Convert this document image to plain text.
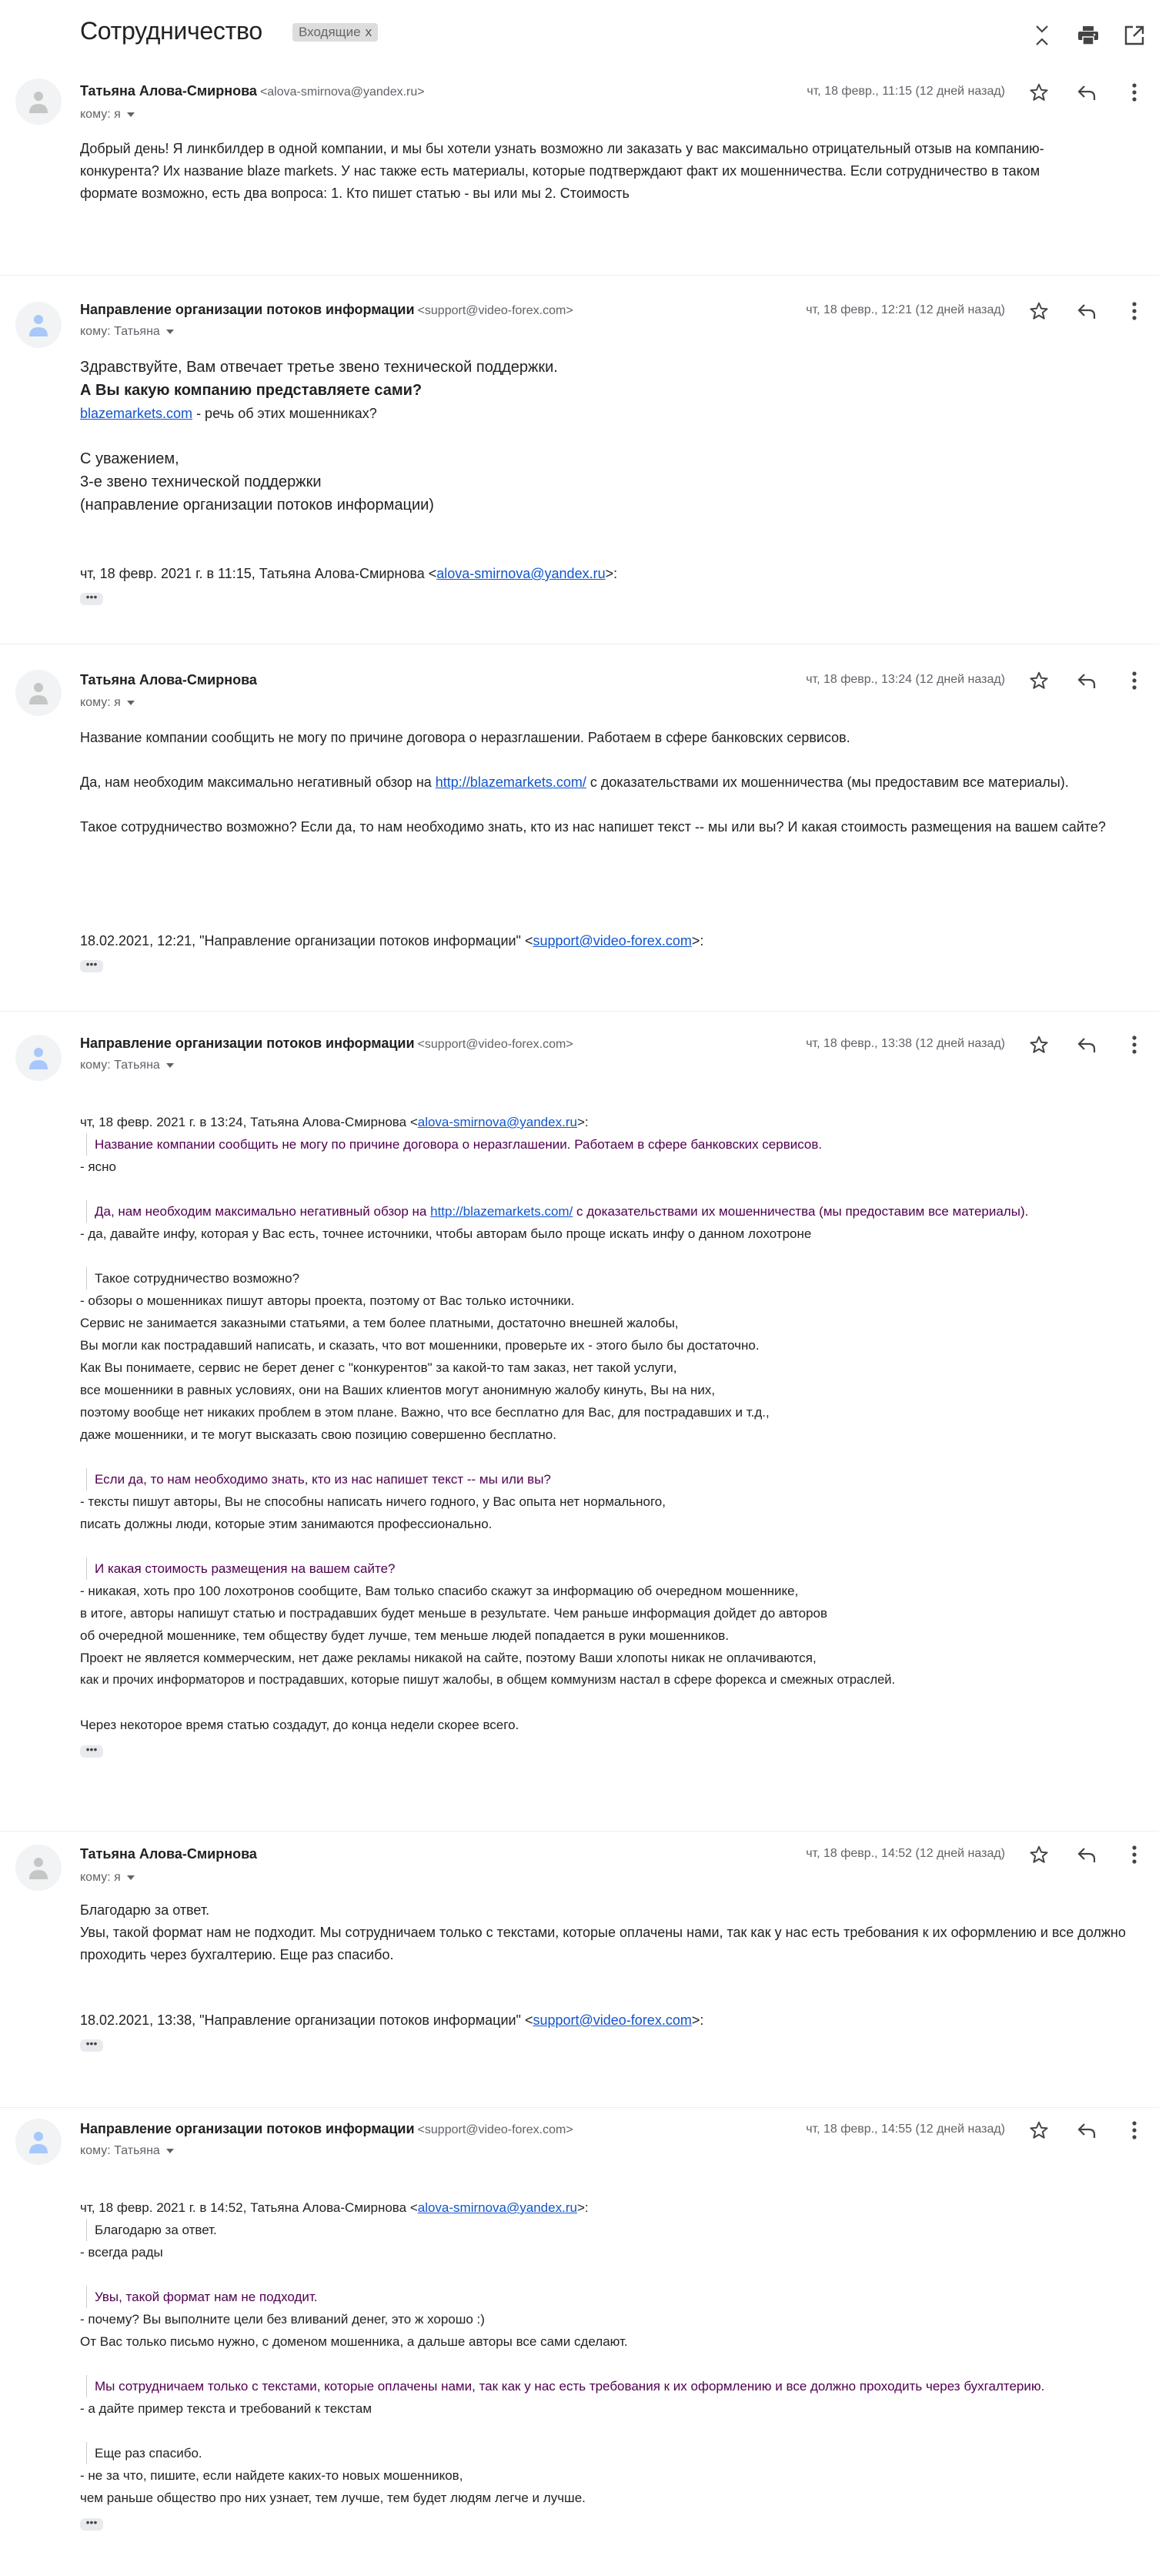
Сотрудничество	Входящие x
Татьяна Алова-Смирнова <alova-smirnova@yandex.ru>
кому: я
чт, 18 февр., 11:15 (12 дней назад)

Добрый день! Я линкбилдер в одной компании, и мы бы хотели узнать возможно ли заказать у вас максимально отрицательный отзыв на компанию-конкурента? Их название blaze markets. У нас также есть материалы, которые подтверждают факт их мошенничества. Если сотрудничество в таком формате возможно, есть два вопроса: 1. Кто пишет статью - вы или мы 2. Стоимость

Направление организации потоков информации <support@video-forex.com>
кому: Татьяна
чт, 18 февр., 12:21 (12 дней назад)

Здравствуйте, Вам отвечает третье звено технической поддержки.

А Вы какую компанию представляете сами?

blazemarkets.com - речь об этих мошенниках?

С уважением,

3-е звено технической поддержки

(направление организации потоков информации)

чт, 18 февр. 2021 г. в 11:15, Татьяна Алова-Смирнова <alova-smirnova@yandex.ru>:

•••
Татьяна Алова-Смирнова
кому: я
чт, 18 февр., 13:24 (12 дней назад)

Название компании сообщить не могу по причине договора о неразглашении. Работаем в сфере банковских сервисов.

Да, нам необходим максимально негативный обзор на http://blazemarkets.com/ с доказательствами их мошенничества (мы предоставим все материалы).

Такое сотрудничество возможно? Если да, то нам необходимо знать, кто из нас напишет текст -- мы или вы? И какая стоимость размещения на вашем сайте?

18.02.2021, 12:21, "Направление организации потоков информации" <support@video-forex.com>:

•••
Направление организации потоков информации <support@video-forex.com>
кому: Татьяна
чт, 18 февр., 13:38 (12 дней назад)

чт, 18 февр. 2021 г. в 13:24, Татьяна Алова-Смирнова <alova-smirnova@yandex.ru>:

Название компании сообщить не могу по причине договора о неразглашении. Работаем в сфере банковских сервисов.

- ясно

Да, нам необходим максимально негативный обзор на http://blazemarkets.com/ с доказательствами их мошенничества (мы предоставим все материалы).

- да, давайте инфу, которая у Вас есть, точнее источники, чтобы авторам было проще искать инфу о данном лохотроне

Такое сотрудничество возможно?

- обзоры о мошенниках пишут авторы проекта, поэтому от Вас только источники.

Сервис не занимается заказными статьями, а тем более платными, достаточно внешней жалобы,

Вы могли как пострадавший написать, и сказать, что вот мошенники, проверьте их - этого было бы достаточно.

Как Вы понимаете, сервис не берет денег с "конкурентов" за какой-то там заказ, нет такой услуги,

все мошенники в равных условиях, они на Ваших клиентов могут анонимную жалобу кинуть, Вы на них,

поэтому вообще нет никаких проблем в этом плане. Важно, что все бесплатно для Вас, для пострадавших и т.д.,

даже мошенники, и те могут высказать свою позицию совершенно бесплатно.

Если да, то нам необходимо знать, кто из нас напишет текст -- мы или вы?

- тексты пишут авторы, Вы не способны написать ничего годного, у Вас опыта нет нормального,

писать должны люди, которые этим занимаются профессионально.

И какая стоимость размещения на вашем сайте?

- никакая, хоть про 100 лохотронов сообщите, Вам только спасибо скажут за информацию об очередном мошеннике,

в итоге, авторы напишут статью и пострадавших будет меньше в результате. Чем раньше информация дойдет до авторов

об очередной мошеннике, тем обществу будет лучше, тем меньше людей попадается в руки мошенников.

Проект не является коммерческим, нет даже рекламы никакой на сайте, поэтому Ваши хлопоты никак не оплачиваются,

как и прочих информаторов и пострадавших, которые пишут жалобы, в общем коммунизм настал в сфере форекса и смежных отраслей.

Через некоторое время статью создадут, до конца недели скорее всего.

•••
Татьяна Алова-Смирнова
кому: я
чт, 18 февр., 14:52 (12 дней назад)

Благодарю за ответ.

Увы, такой формат нам не подходит. Мы сотрудничаем только с текстами, которые оплачены нами, так как у нас есть требования к их оформлению и все должно проходить через бухгалтерию. Еще раз спасибо.

18.02.2021, 13:38, "Направление организации потоков информации" <support@video-forex.com>:

•••
Направление организации потоков информации <support@video-forex.com>
кому: Татьяна
чт, 18 февр., 14:55 (12 дней назад)

чт, 18 февр. 2021 г. в 14:52, Татьяна Алова-Смирнова <alova-smirnova@yandex.ru>:

Благодарю за ответ.

- всегда рады

Увы, такой формат нам не подходит.

- почему? Вы выполните цели без вливаний денег, это ж хорошо :)

От Вас только письмо нужно, с доменом мошенника, а дальше авторы все сами сделают.

Мы сотрудничаем только с текстами, которые оплачены нами, так как у нас есть требования к их оформлению и все должно проходить через бухгалтерию.

- а дайте пример текста и требований к текстам

Еще раз спасибо.

- не за что, пишите, если найдете каких-то новых мошенников,

чем раньше общество про них узнает, тем лучше, тем будет людям легче и лучше.

•••
